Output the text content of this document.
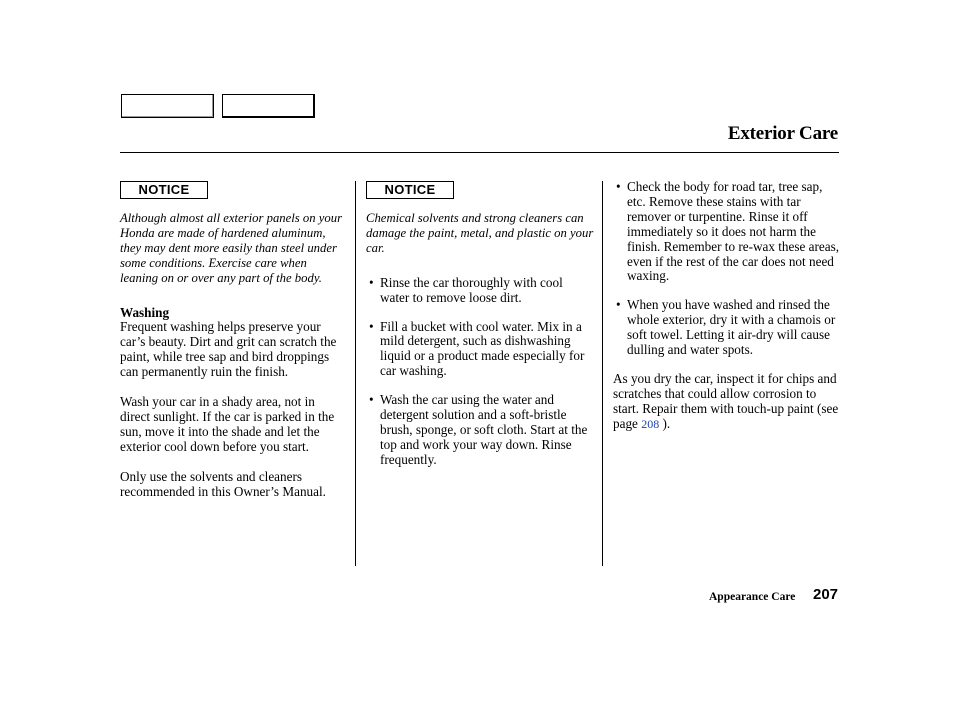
Exterior Care
NOTICE
Although almost all exterior panels on your Honda are made of hardened aluminum, they may dent more easily than steel under some conditions. Exercise care when leaning on or over any part of the body.
Washing

Frequent washing helps preserve your car’s beauty. Dirt and grit can scratch the paint, while tree sap and bird droppings can permanently ruin the finish.

Wash your car in a shady area, not in direct sunlight. If the car is parked in the sun, move it into the shade and let the exterior cool down before you start.

Only use the solvents and cleaners recommended in this Owner’s Manual.

NOTICE
Chemical solvents and strong cleaners can damage the paint, metal, and plastic on your car.
• Rinse the car thoroughly with cool water to remove loose dirt.
• Fill a bucket with cool water. Mix in a mild detergent, such as dishwashing liquid or a product made especially for car washing.
• Wash the car using the water and detergent solution and a soft-bristle brush, sponge, or soft cloth. Start at the top and work your way down. Rinse frequently.
• Check the body for road tar, tree sap, etc. Remove these stains with tar remover or turpentine. Rinse it off immediately so it does not harm the finish. Remember to re-wax these areas, even if the rest of the car does not need waxing.
• When you have washed and rinsed the whole exterior, dry it with a chamois or soft towel. Letting it air-dry will cause dulling and water spots.

As you dry the car, inspect it for chips and scratches that could allow corrosion to start. Repair them with touch-up paint (see page 208 ).

Appearance Care 207
